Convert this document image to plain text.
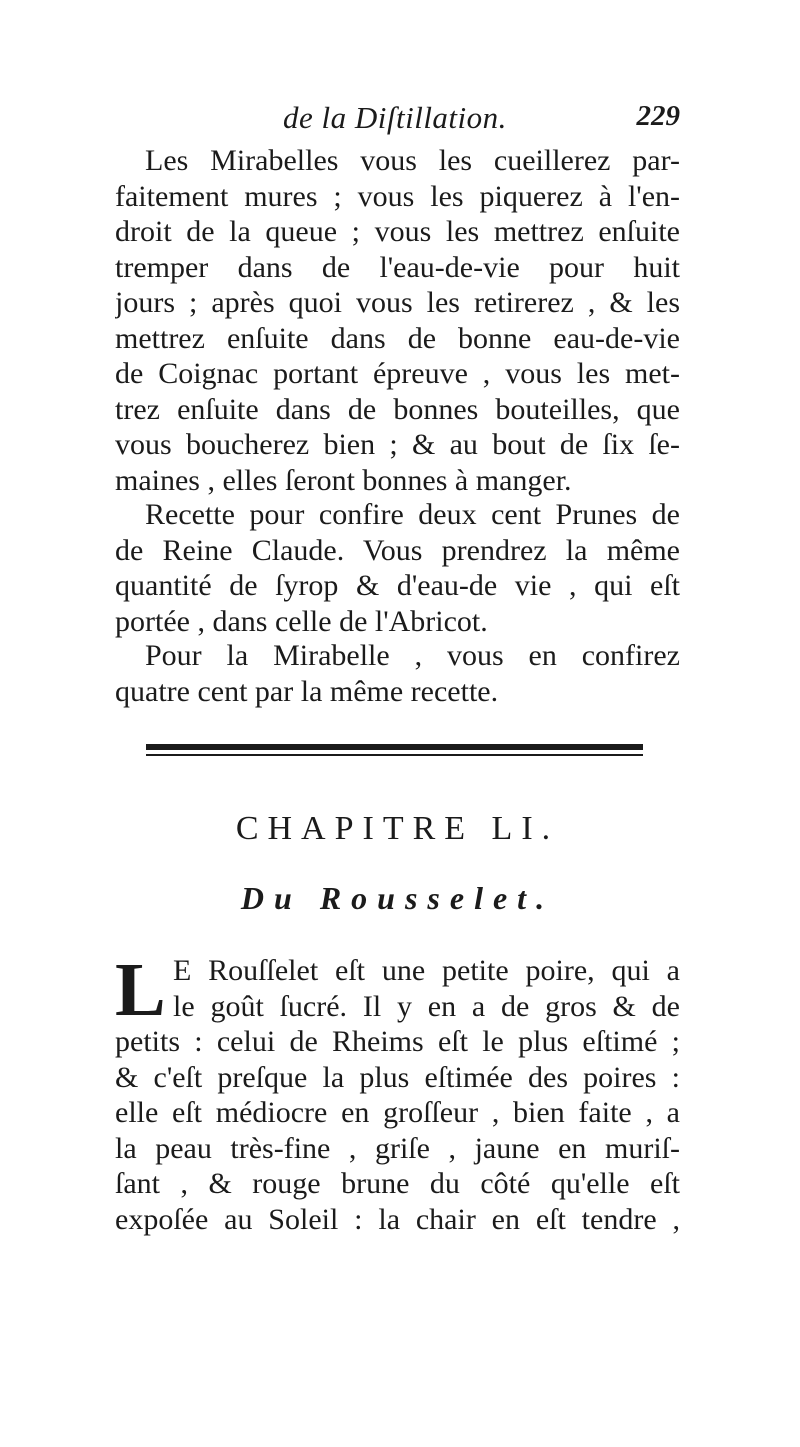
de la Diſtillation.	229
Les Mirabelles vous les cueillerez par-
faitement mures ; vous les piquerez à l'en-
droit de la queue ; vous les mettrez enſuite
tremper dans de l'eau-de-vie pour huit
jours ; après quoi vous les retirerez , & les
mettrez enſuite dans de bonne eau-de-vie
de Coignac portant épreuve , vous les met-
trez enſuite dans de bonnes bouteilles, que
vous boucherez bien ; & au bout de ſix ſe-
maines , elles ſeront bonnes à manger.
Recette pour confire deux cent Prunes de
de Reine Claude. Vous prendrez la même
quantité de ſyrop & d'eau-de vie , qui eſt
portée , dans celle de l'Abricot.
Pour la Mirabelle , vous en confirez
quatre cent par la même recette.
CHAPITRE LI.
Du Rousselet.
L E Rouſſelet eſt une petite poire, qui a
le goût ſucré. Il y en a de gros & de
petits : celui de Rheims eſt le plus eſtimé ;
& c'eſt preſque la plus eſtimée des poires :
elle eſt médiocre en groſſeur , bien faite , a
la peau très-fine , griſe , jaune en muriſ-
ſant , & rouge brune du côté qu'elle eſt
expoſée au Soleil : la chair en eſt tendre ,
